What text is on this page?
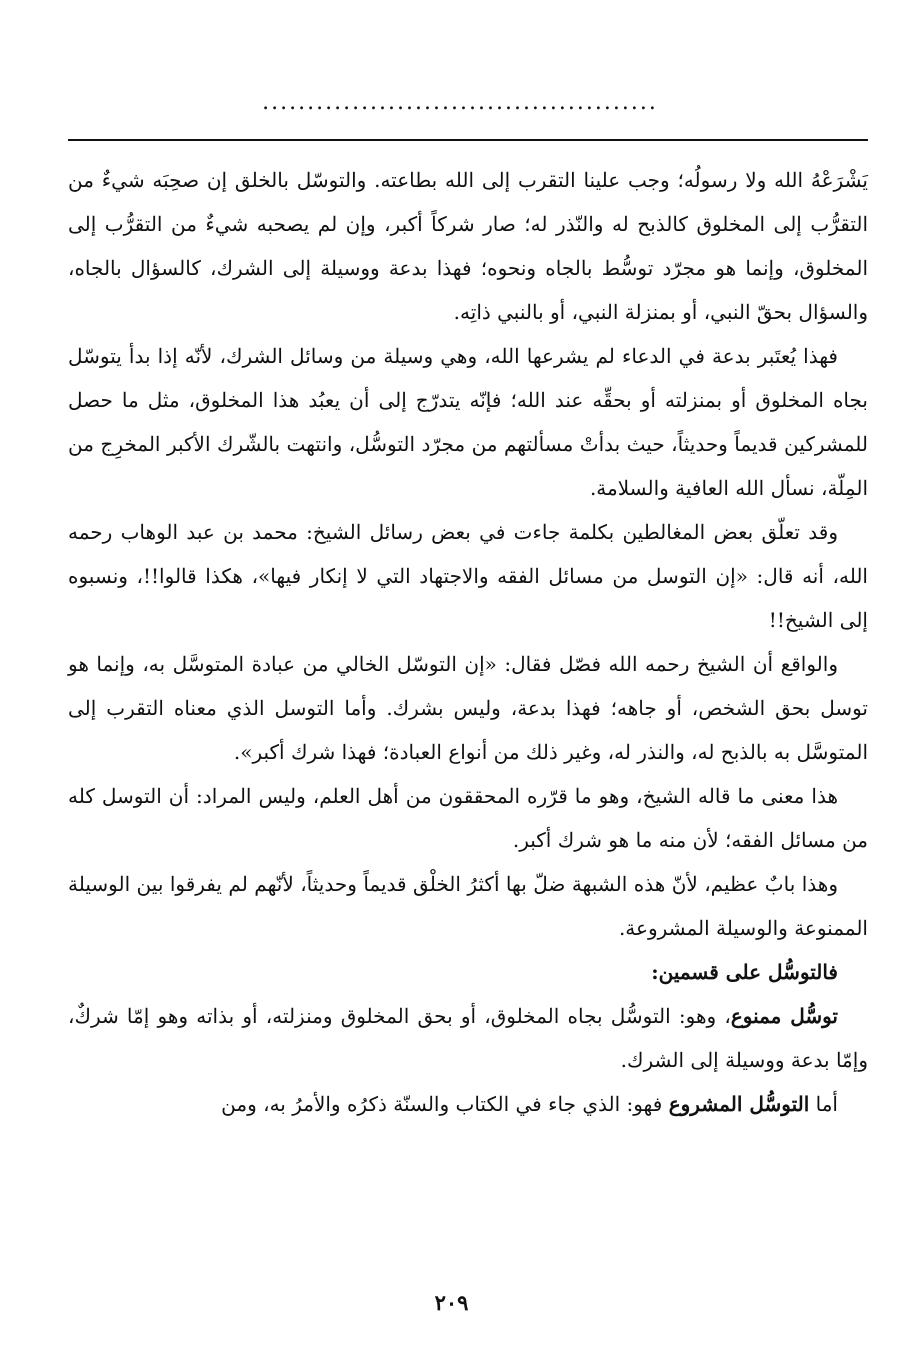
............................................

يَشْرَعْهُ الله ولا رسولُه؛ وجب علينا التقرب إلى الله بطاعته. والتوسّل بالخلق إن صحِبَه شيءٌ من التقرُّب إلى المخلوق كالذبح له والنّذر له؛ صار شركاً أكبر، وإن لم يصحبه شيءٌ من التقرُّب إلى المخلوق، وإنما هو مجرّد توسُّط بالجاه ونحوه؛ فهذا بدعة ووسيلة إلى الشرك، كالسؤال بالجاه، والسؤال بحقّ النبي، أو بمنزلة النبي، أو بالنبي ذاتِه.

فهذا يُعتَبر بدعة في الدعاء لم يشرعها الله، وهي وسيلة من وسائل الشرك، لأنّه إذا بدأ يتوسّل بجاه المخلوق أو بمنزلته أو بحقِّه عند الله؛ فإنّه يتدرّج إلى أن يعبُد هذا المخلوق، مثل ما حصل للمشركين قديماً وحديثاً، حيث بدأتْ مسألتهم من مجرّد التوسُّل، وانتهت بالشّرك الأكبر المخرِج من المِلّة، نسأل الله العافية والسلامة.

وقد تعلّق بعض المغالطين بكلمة جاءت في بعض رسائل الشيخ: محمد بن عبد الوهاب رحمه الله، أنه قال: «إن التوسل من مسائل الفقه والاجتهاد التي لا إنكار فيها»، هكذا قالوا!!، ونسبوه إلى الشيخ!!

والواقع أن الشيخ رحمه الله فصّل فقال: «إن التوسّل الخالي من عبادة المتوسَّل به، وإنما هو توسل بحق الشخص، أو جاهه؛ فهذا بدعة، وليس بشرك. وأما التوسل الذي معناه التقرب إلى المتوسَّل به بالذبح له، والنذر له، وغير ذلك من أنواع العبادة؛ فهذا شرك أكبر».

هذا معنى ما قاله الشيخ، وهو ما قرّره المحققون من أهل العلم، وليس المراد: أن التوسل كله من مسائل الفقه؛ لأن منه ما هو شرك أكبر.

وهذا بابٌ عظيم، لأنّ هذه الشبهة ضلّ بها أكثرُ الخلْق قديماً وحديثاً، لأنّهم لم يفرقوا بين الوسيلة الممنوعة والوسيلة المشروعة.

فالتوسُّل على قسمين:

توسُّل ممنوع، وهو: التوسُّل بجاه المخلوق، أو بحق المخلوق ومنزلته، أو بذاته وهو إمّا شركٌ، وإمّا بدعة ووسيلة إلى الشرك.

أما التوسُّل المشروع فهو: الذي جاء في الكتاب والسنّة ذكرُه والأمرُ به، ومن

٢٠٩
